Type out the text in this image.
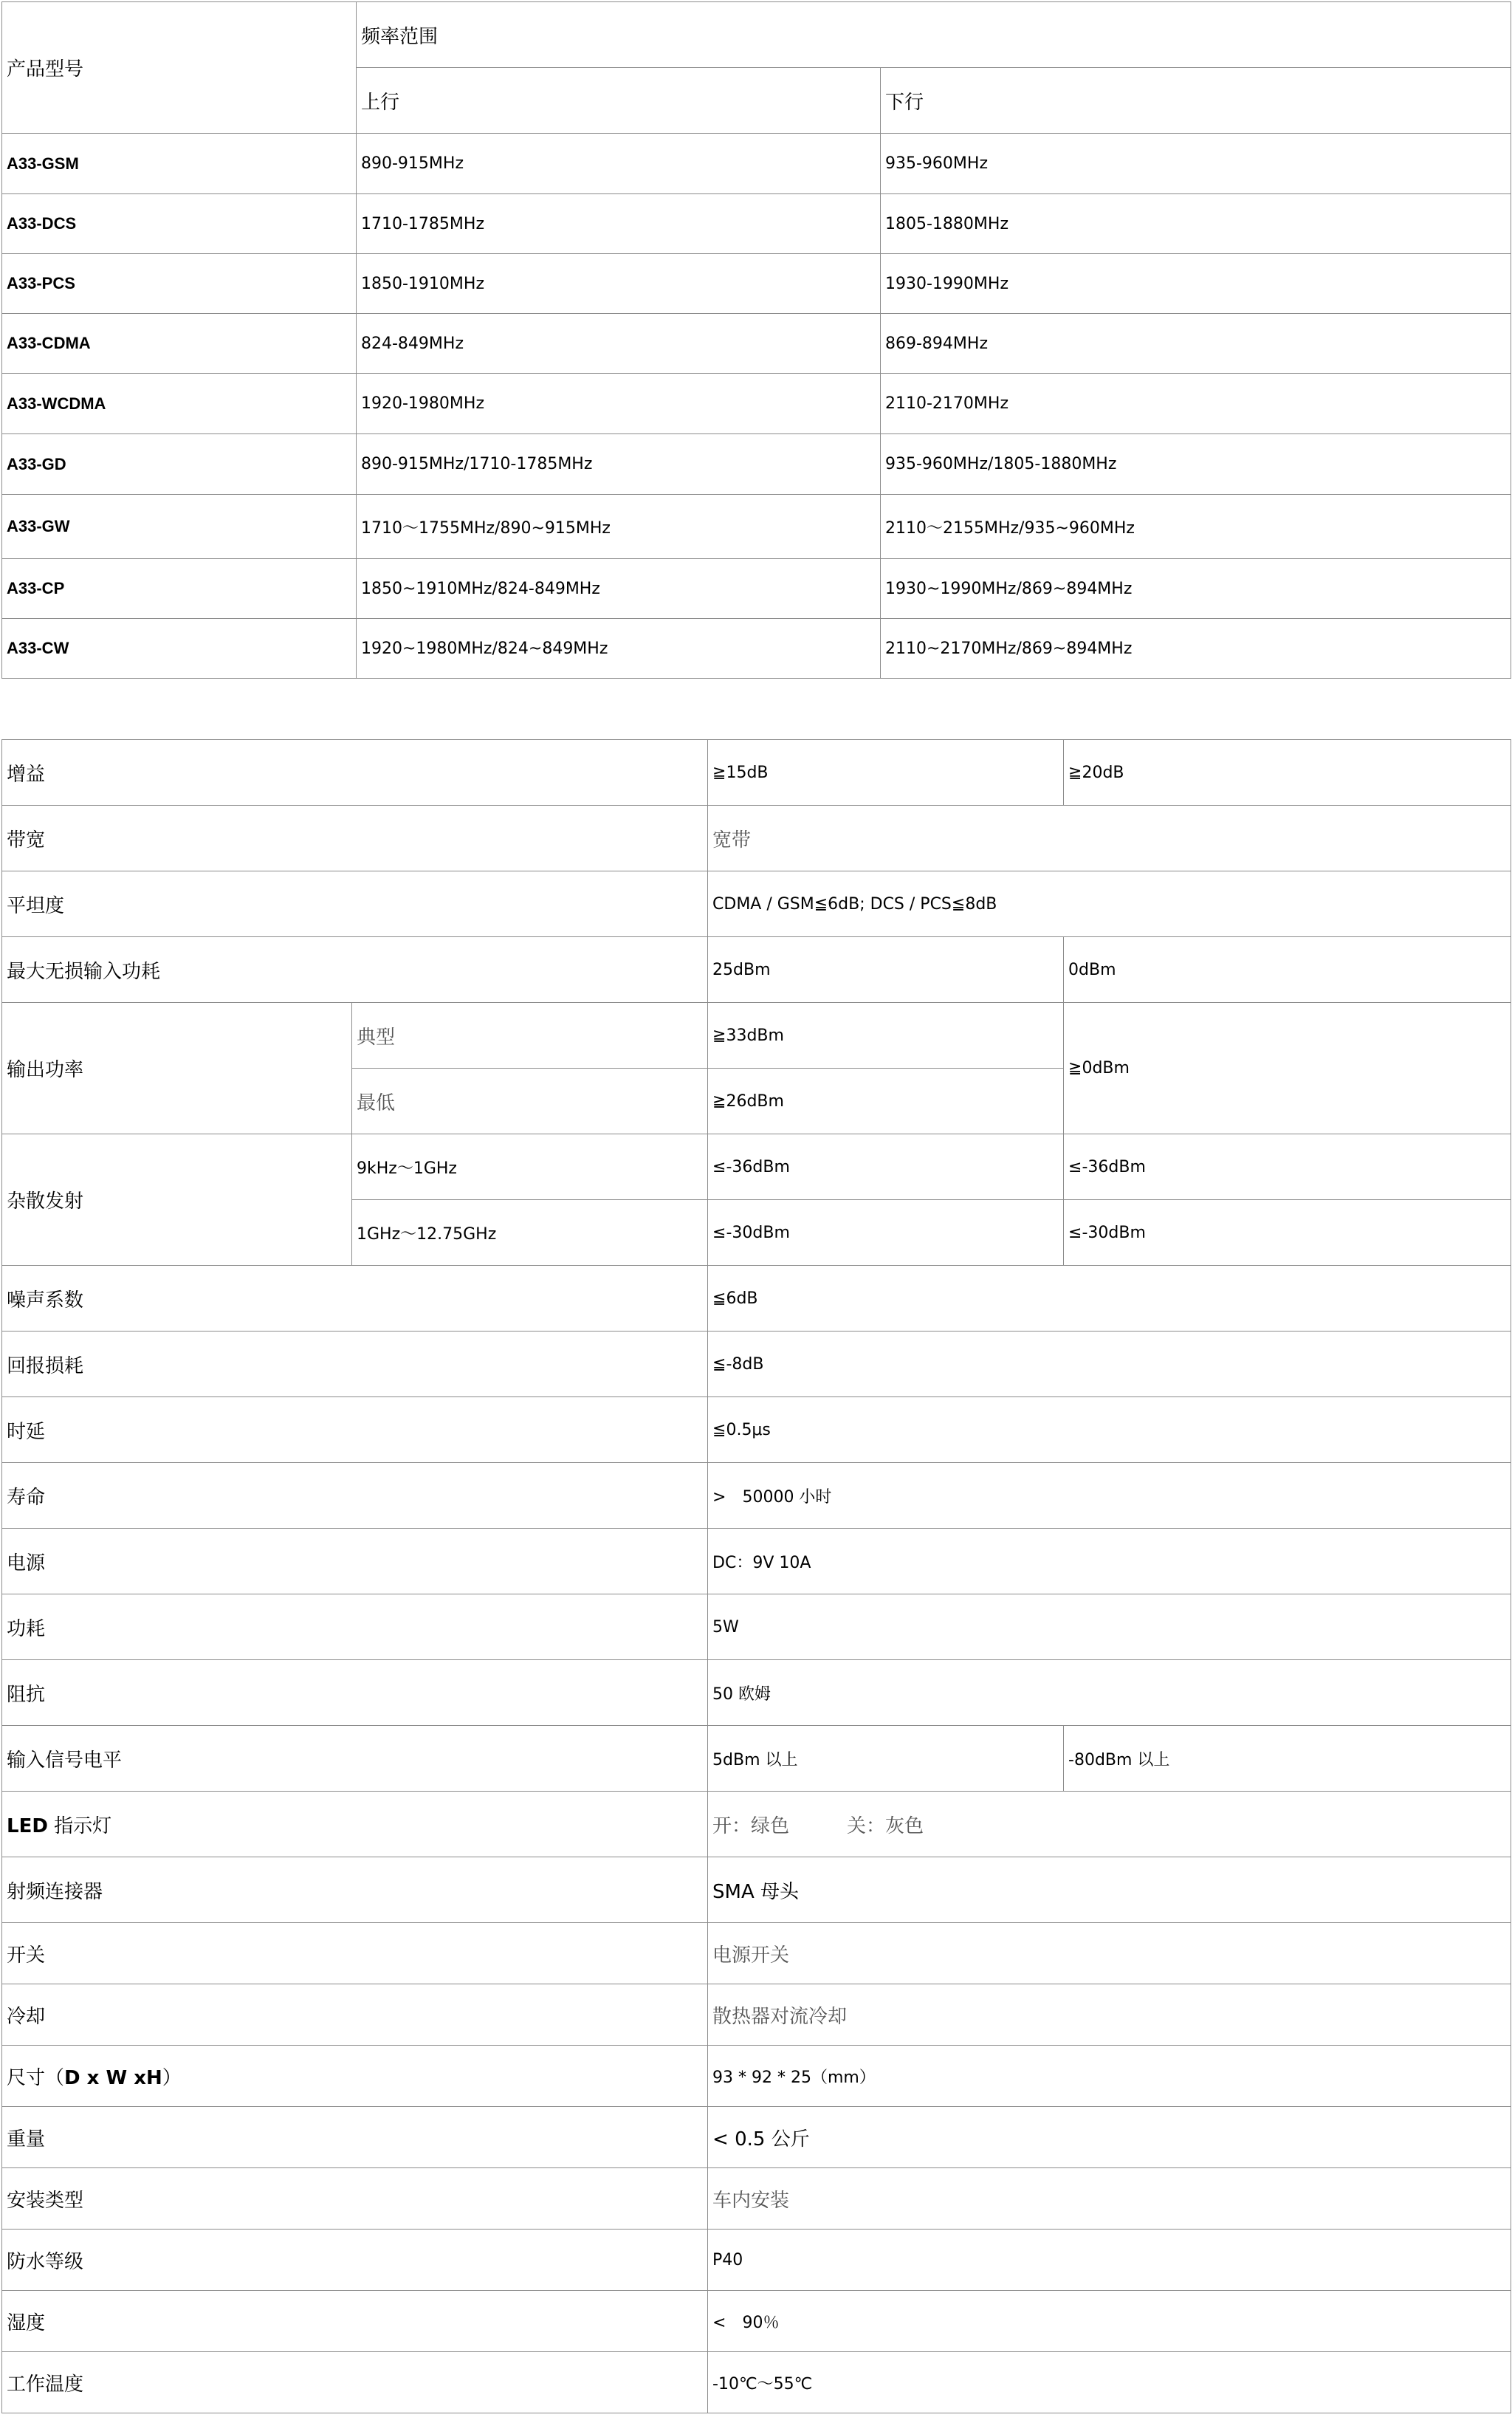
产品型号	频率范围	
	上行	下行
A33-GSM	890-915MHz	935-960MHz
A33-DCS	1710-1785MHz	1805-1880MHz
A33-PCS	1850-1910MHz	1930-1990MHz
A33-CDMA	824-849MHz	869-894MHz
A33-WCDMA	1920-1980MHz	2110-2170MHz
A33-GD	890-915MHz/1710-1785MHz	935-960MHz/1805-1880MHz
A33-GW	1710～1755MHz/890~915MHz	2110～2155MHz/935~960MHz
A33-CP	1850~1910MHz/824-849MHz	1930~1990MHz/869~894MHz
A33-CW	1920~1980MHz/824~849MHz	2110~2170MHz/869~894MHz
增益		≧15dB	≧20dB
带宽		宽带	
平坦度		CDMA / GSM≦6dB; DCS / PCS≦8dB	
最大无损输入功耗		25dBm	0dBm
输出功率	典型	≧33dBm	≧0dBm
	最低	≧26dBm	
杂散发射	9kHz～1GHz	≤-36dBm	≤-36dBm
	1GHz～12.75GHz	≤-30dBm	≤-30dBm
噪声系数		≦6dB	
回报损耗		≦-8dB	
时延		≦0.5μs	
寿命		>　50000 小时	
电源		DC：9V 10A	
功耗		5W	
阻抗		50 欧姆	
输入信号电平		5dBm 以上	-80dBm 以上
LED 指示灯		开：绿色　　　关：灰色	
射频连接器		SMA 母头	
开关		电源开关	
冷却		散热器对流冷却	
尺寸（D x W xH）		93 * 92 * 25（mm）	
重量		< 0.5 公斤	
安装类型		车内安装	
防水等级		P40	
湿度		<　90％	
工作温度		-10℃～55℃	
